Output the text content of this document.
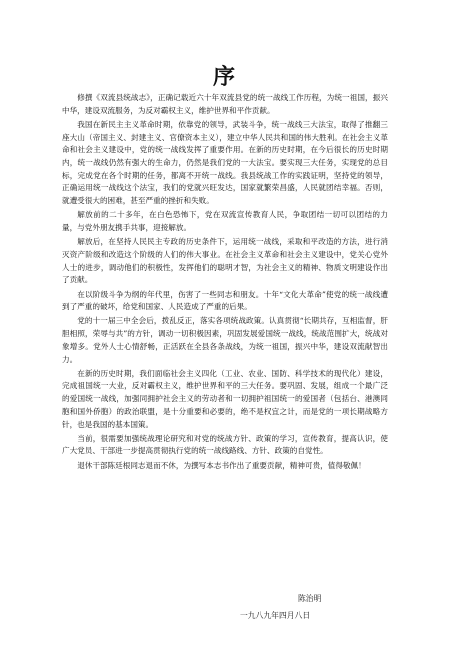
序

修撰《双流县统战志》，正确记载近六十年双流县党的统一战线工作历程，为统一祖国，振兴中华，建设双流服务，为反对霸权主义，维护世界和平作贡献。

我国在新民主主义革命时期，依靠党的领导，武装斗争，统一战线三大法宝，取得了推翻三座大山（帝国主义、封建主义、官僚资本主义），建立中华人民共和国的伟大胜利。在社会主义革命和社会主义建设中，党的统一战线发挥了重要作用。在新的历史时期，在今后很长的历史时期内，统一战线仍然有强大的生命力，仍然是我们党的一大法宝。要实现三大任务，实现党的总目标，完成党在各个时期的任务，都离不开统一战线。我县统战工作的实践证明，坚持党的领导，正确运用统一战线这个法宝，我们的党就兴旺发达，国家就繁荣昌盛，人民就团结幸福。否则，就遭受很大的困难，甚至严重的挫折和失败。

解放前的二十多年，在白色恐怖下，党在双流宣传教育人民，争取团结一切可以团结的力量，与党外朋友携手共事，迎接解放。

解放后，在坚持人民民主专政的历史条件下，运用统一战线，采取和平改造的方法，进行消灭资产阶级和改造这个阶级的人们的伟大事业。在社会主义革命和社会主义建设中，党关心党外人士的进步，调动他们的积极性，发挥他们的聪明才智，为社会主义的精神、物质文明建设作出了贡献。

在以阶级斗争为纲的年代里，伤害了一些同志和朋友。十年“文化大革命”使党的统一战线遭到了严重的破坏，给党和国家、人民造成了严重的后果。

党的十一届三中全会后，拨乱反正，落实各项统战政策。认真贯彻“长期共存，互相监督，肝胆相照，荣辱与共”的方针，调动一切积极因素，巩固发展爱国统一战线，统战范围扩大，统战对象增多。党外人士心情舒畅，正活跃在全县各条战线，为统一祖国，振兴中华，建设双流献智出力。

在新的历史时期，我们面临社会主义四化（工业、农业、国防、科学技术的现代化）建设，完成祖国统一大业，反对霸权主义，维护世界和平的三大任务。要巩固、发展，组成一个最广泛的爱国统一战线，加强同拥护社会主义的劳动者和一切拥护祖国统一的爱国者（包括台、港澳同胞和国外侨胞）的政治联盟，是十分重要和必要的，绝不是权宜之计，而是党的一项长期战略方针，也是我国的基本国策。

当前，很需要加强统战理论研究和对党的统战方针、政策的学习，宣传教育，提高认识，使广大党员、干部进一步提高贯彻执行党的统一战线路线、方针、政策的自觉性。

退休干部陈廷根同志退而不休，为撰写本志书作出了重要贡献，精神可贵，值得敬佩！

陈治明
一九八九年四月八日
